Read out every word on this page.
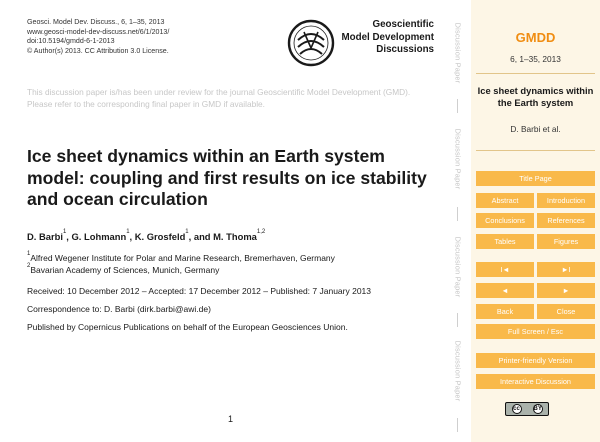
Geosci. Model Dev. Discuss., 6, 1–35, 2013
www.geosci-model-dev-discuss.net/6/1/2013/
doi:10.5194/gmdd-6-1-2013
© Author(s) 2013. CC Attribution 3.0 License.
Geoscientific
Model Development
Discussions
This discussion paper is/has been under review for the journal Geoscientific Model Development (GMD). Please refer to the corresponding final paper in GMD if available.
Ice sheet dynamics within an Earth system model: coupling and first results on ice stability and ocean circulation
D. Barbi$^1$, G. Lohmann$^1$, K. Grosfeld$^1$, and M. Thoma$^{1,2}$
$^1$Alfred Wegener Institute for Polar and Marine Research, Bremerhaven, Germany
$^2$Bavarian Academy of Sciences, Munich, Germany
Received: 10 December 2012 – Accepted: 17 December 2012 – Published: 7 January 2013
Correspondence to: D. Barbi (dirk.barbi@awi.de)
Published by Copernicus Publications on behalf of the European Geosciences Union.
1
Discussion Paper
Discussion Paper
Discussion Paper
Discussion Paper
GMDD
6, 1–35, 2013
Ice sheet dynamics within the Earth system
D. Barbi et al.
Title Page
Abstract	Introduction
Conclusions	References
Tables	Figures
I◄	►I
◄	►
Back	Close
Full Screen / Esc
Printer-friendly Version
Interactive Discussion
cc BY
